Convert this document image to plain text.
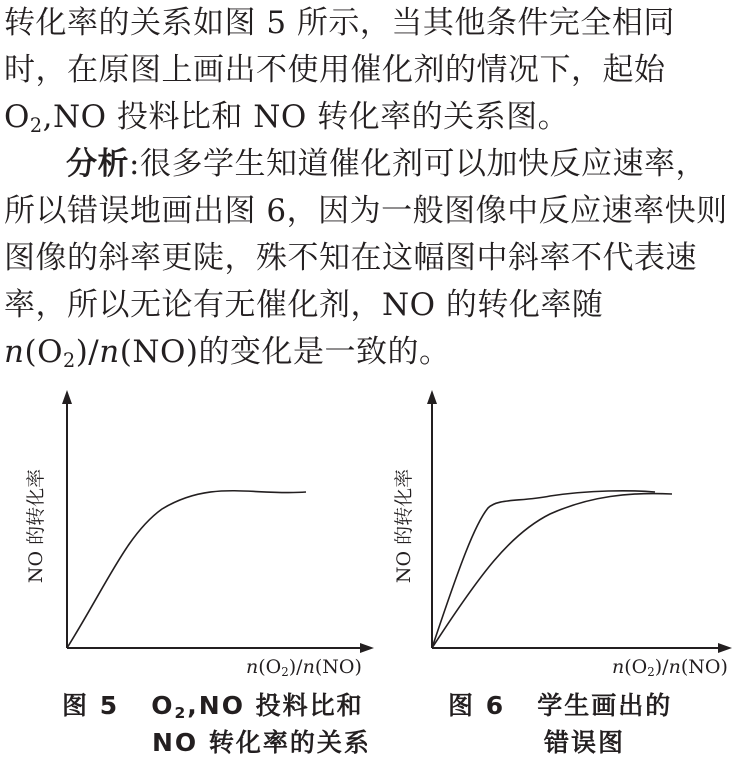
转化率的关系如图 5 所示，当其他条件完全相同时，在原图上画出不使用催化剂的情况下，起始 $O_2,NO$ 投料比和 NO 转化率的关系图。
分析:很多学生知道催化剂可以加快反应速率，所以错误地画出图 6，因为一般图像中反应速率快则图像的斜率更陡，殊不知在这幅图中斜率不代表速率，所以无论有无催化剂，NO 的转化率随 $n(O_2)/n(NO)$的变化是一致的。
NO 的转化率
$n(O_2)/n(NO)$
NO 的转化率
$n(O_2)/n(NO)$
图 5 $O_2,NO$ 投料比和
NO 转化率的关系
图 6 学生画出的
错误图
